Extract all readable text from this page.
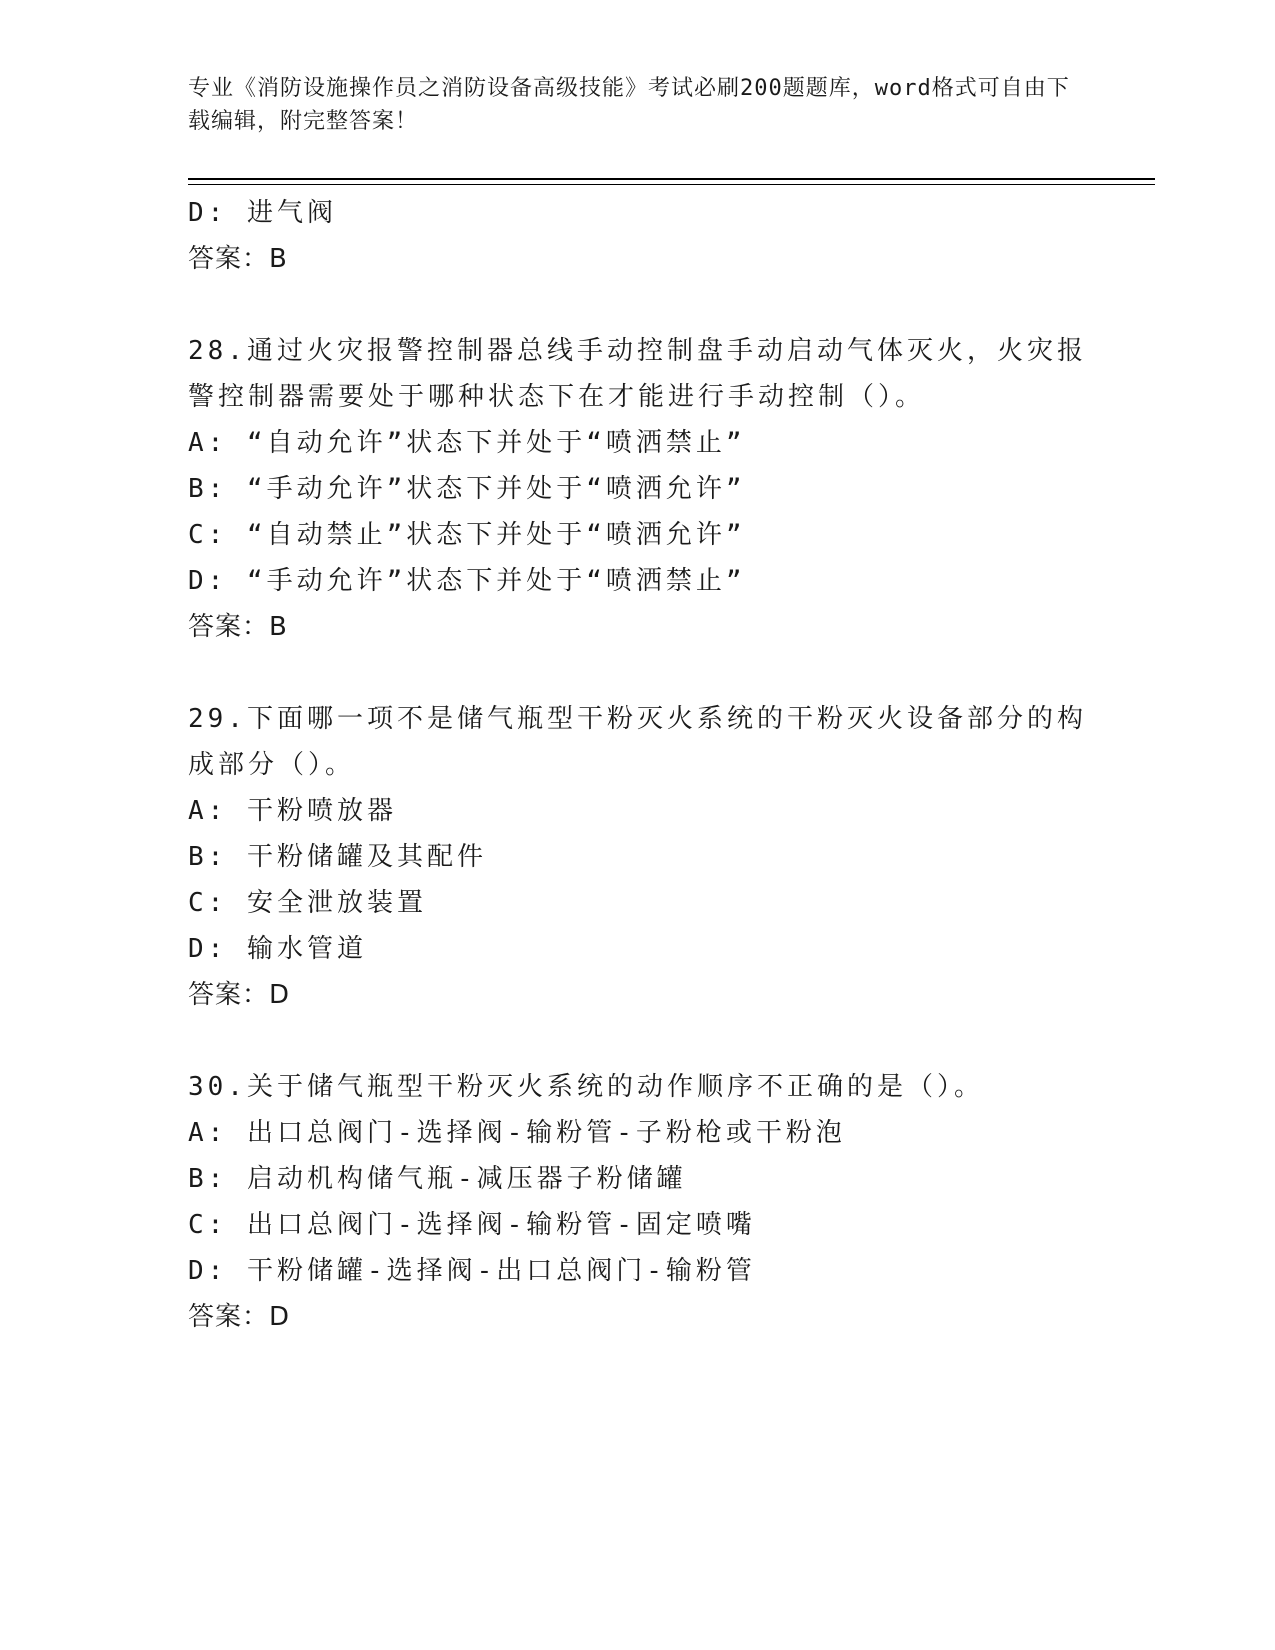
专业《消防设施操作员之消防设备高级技能》考试必刷200题题库，word格式可自由下载编辑，附完整答案！
D: 进气阀
答案：B
28.通过火灾报警控制器总线手动控制盘手动启动气体灭火，火灾报警控制器需要处于哪种状态下在才能进行手动控制（）。
A: “自动允许”状态下并处于“喷洒禁止”
B: “手动允许”状态下并处于“喷洒允许”
C: “自动禁止”状态下并处于“喷洒允许”
D: “手动允许”状态下并处于“喷洒禁止”
答案：B
29.下面哪一项不是储气瓶型干粉灭火系统的干粉灭火设备部分的构成部分（）。
A: 干粉喷放器
B: 干粉储罐及其配件
C: 安全泄放装置
D: 输水管道
答案：D
30.关于储气瓶型干粉灭火系统的动作顺序不正确的是（）。
A: 出口总阀门-选择阀-输粉管-子粉枪或干粉泡
B: 启动机构储气瓶-减压器子粉储罐
C: 出口总阀门-选择阀-输粉管-固定喷嘴
D: 干粉储罐-选择阀-出口总阀门-输粉管
答案：D
